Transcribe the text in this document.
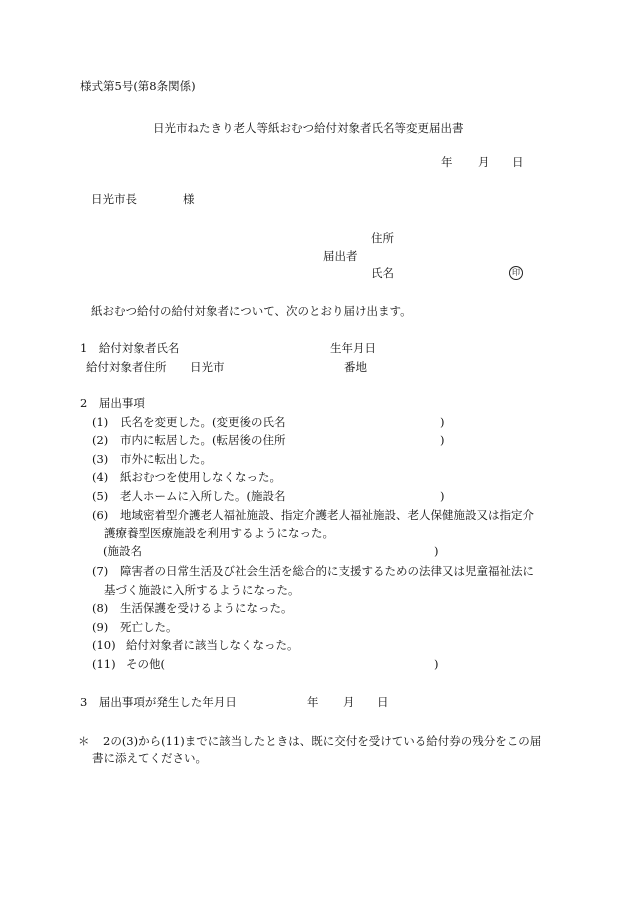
様式第5号(第8条関係)
日光市ねたきり老人等紙おむつ給付対象者氏名等変更届出書
年 月 日
日光市長	様
住所
届出者
氏名	印
紙おむつ給付の給付対象者について、次のとおり届け出ます。
1　給付対象者氏名	生年月日
給付対象者住所 日光市	番地
2　届出事項
(1) 氏名を変更した。(変更後の氏名	)
(2) 市内に転居した。(転居後の住所	)
(3) 市外に転出した。
(4) 紙おむつを使用しなくなった。
(5) 老人ホームに入所した。(施設名	)
(6) 地域密着型介護老人福祉施設、指定介護老人福祉施設、老人保健施設又は指定介
護療養型医療施設を利用するようになった。
(施設名	)
(7) 障害者の日常生活及び社会生活を総合的に支援するための法律又は児童福祉法に
基づく施設に入所するようになった。
(8) 生活保護を受けるようになった。
(9) 死亡した。
(10) 給付対象者に該当しなくなった。
(11) その他(	)
3　届出事項が発生した年月日	年 月 日
＊ 2の(3)から(11)までに該当したときは、既に交付を受けている給付券の残分をこの届
書に添えてください。
